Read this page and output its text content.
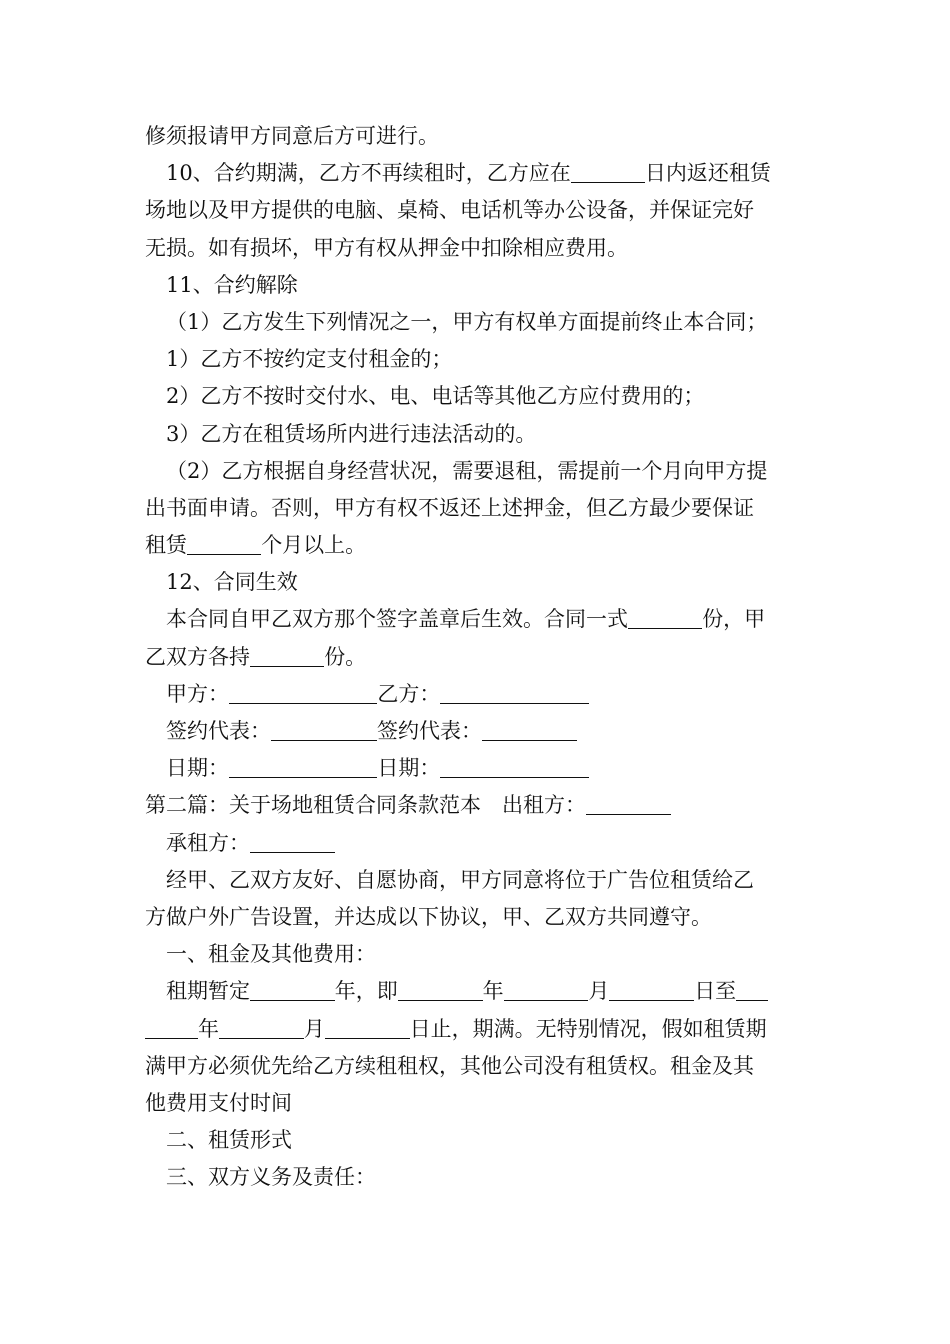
修须报请甲方同意后方可进行。
10、合约期满，乙方不再续租时，乙方应在	日内返还租赁
场地以及甲方提供的电脑、桌椅、电话机等办公设备，并保证完好
无损。如有损坏，甲方有权从押金中扣除相应费用。
11、合约解除
（1）乙方发生下列情况之一，甲方有权单方面提前终止本合同；
1）乙方不按约定支付租金的；
2）乙方不按时交付水、电、电话等其他乙方应付费用的；
3）乙方在租赁场所内进行违法活动的。
（2）乙方根据自身经营状况，需要退租，需提前一个月向甲方提
出书面申请。否则，甲方有权不返还上述押金，但乙方最少要保证
租赁	个月以上。
12、合同生效
本合同自甲乙双方那个签字盖章后生效。合同一式	份，甲
乙双方各持	份。
甲方：	乙方：
签约代表：	签约代表：
日期：	日期：
第二篇：关于场地租赁合同条款范本　出租方：
承租方：
经甲、乙双方友好、自愿协商，甲方同意将位于广告位租赁给乙
方做户外广告设置，并达成以下协议，甲、乙双方共同遵守。
一、租金及其他费用：
租期暂定	年，即	年	月	日至
年	月	日止，期满。无特别情况，假如租赁期
满甲方必须优先给乙方续租租权，其他公司没有租赁权。租金及其
他费用支付时间
二、租赁形式
三、双方义务及责任：
